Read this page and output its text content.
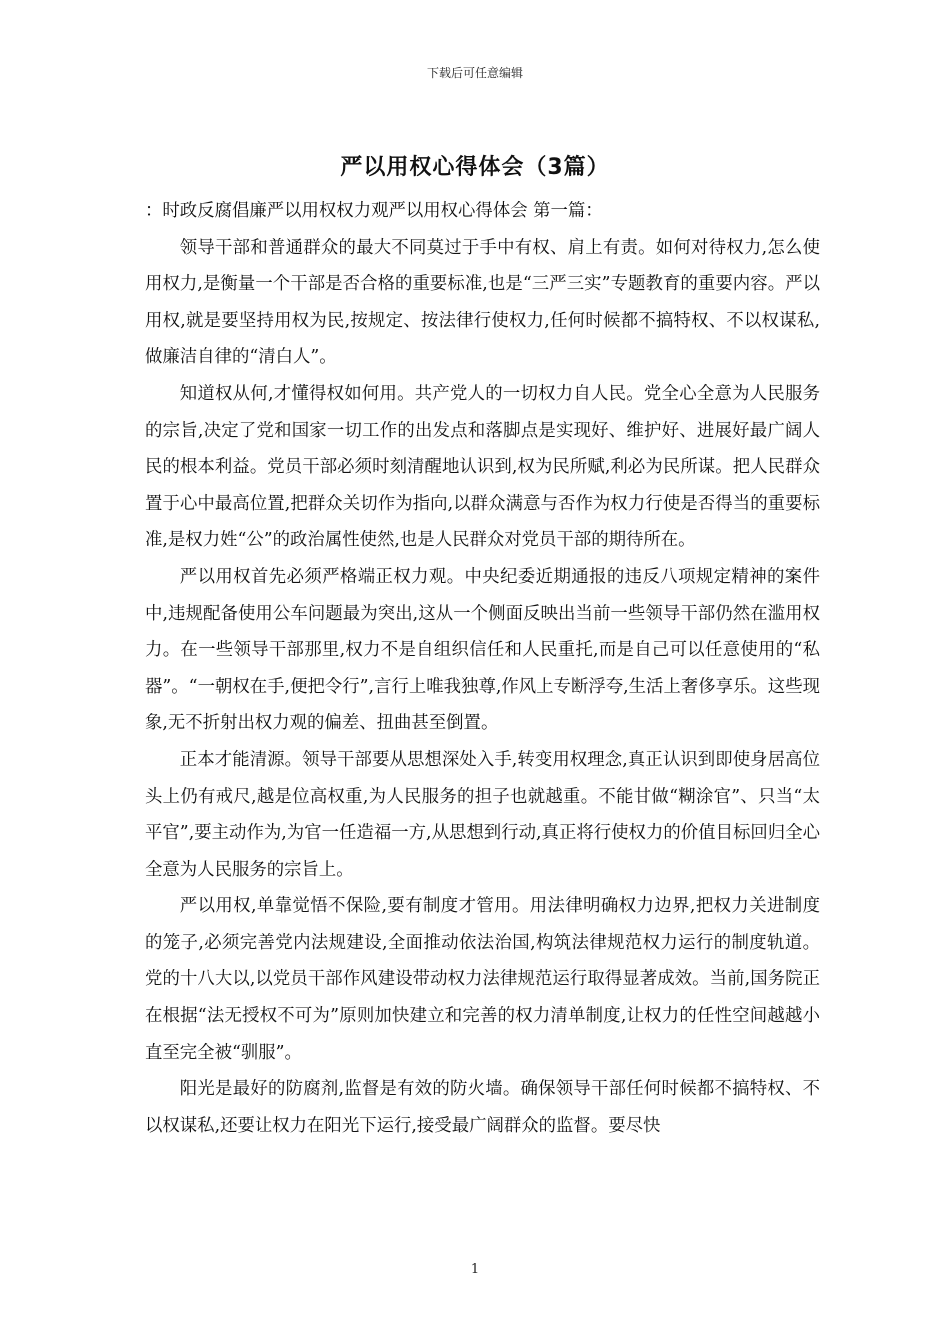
下载后可任意编辑
严以用权心得体会（3篇）

：时政反腐倡廉严以用权权力观严以用权心得体会 第一篇：

领导干部和普通群众的最大不同莫过于手中有权、肩上有责。如何对待权力,怎么使用权力,是衡量一个干部是否合格的重要标准,也是“三严三实”专题教育的重要内容。严以用权,就是要坚持用权为民,按规定、按法律行使权力,任何时候都不搞特权、不以权谋私,做廉洁自律的“清白人”。

知道权从何,才懂得权如何用。共产党人的一切权力自人民。党全心全意为人民服务的宗旨,决定了党和国家一切工作的出发点和落脚点是实现好、维护好、进展好最广阔人民的根本利益。党员干部必须时刻清醒地认识到,权为民所赋,利必为民所谋。把人民群众置于心中最高位置,把群众关切作为指向,以群众满意与否作为权力行使是否得当的重要标准,是权力姓“公”的政治属性使然,也是人民群众对党员干部的期待所在。

严以用权首先必须严格端正权力观。中央纪委近期通报的违反八项规定精神的案件中,违规配备使用公车问题最为突出,这从一个侧面反映出当前一些领导干部仍然在滥用权力。在一些领导干部那里,权力不是自组织信任和人民重托,而是自己可以任意使用的“私器”。“一朝权在手,便把令行”,言行上唯我独尊,作风上专断浮夸,生活上奢侈享乐。这些现象,无不折射出权力观的偏差、扭曲甚至倒置。

正本才能清源。领导干部要从思想深处入手,转变用权理念,真正认识到即使身居高位头上仍有戒尺,越是位高权重,为人民服务的担子也就越重。不能甘做“糊涂官”、只当“太平官”,要主动作为,为官一任造福一方,从思想到行动,真正将行使权力的价值目标回归全心全意为人民服务的宗旨上。

严以用权,单靠觉悟不保险,要有制度才管用。用法律明确权力边界,把权力关进制度的笼子,必须完善党内法规建设,全面推动依法治国,构筑法律规范权力运行的制度轨道。党的十八大以,以党员干部作风建设带动权力法律规范运行取得显著成效。当前,国务院正在根据“法无授权不可为”原则加快建立和完善的权力清单制度,让权力的任性空间越越小直至完全被“驯服”。

阳光是最好的防腐剂,监督是有效的防火墙。确保领导干部任何时候都不搞特权、不以权谋私,还要让权力在阳光下运行,接受最广阔群众的监督。要尽快

1
